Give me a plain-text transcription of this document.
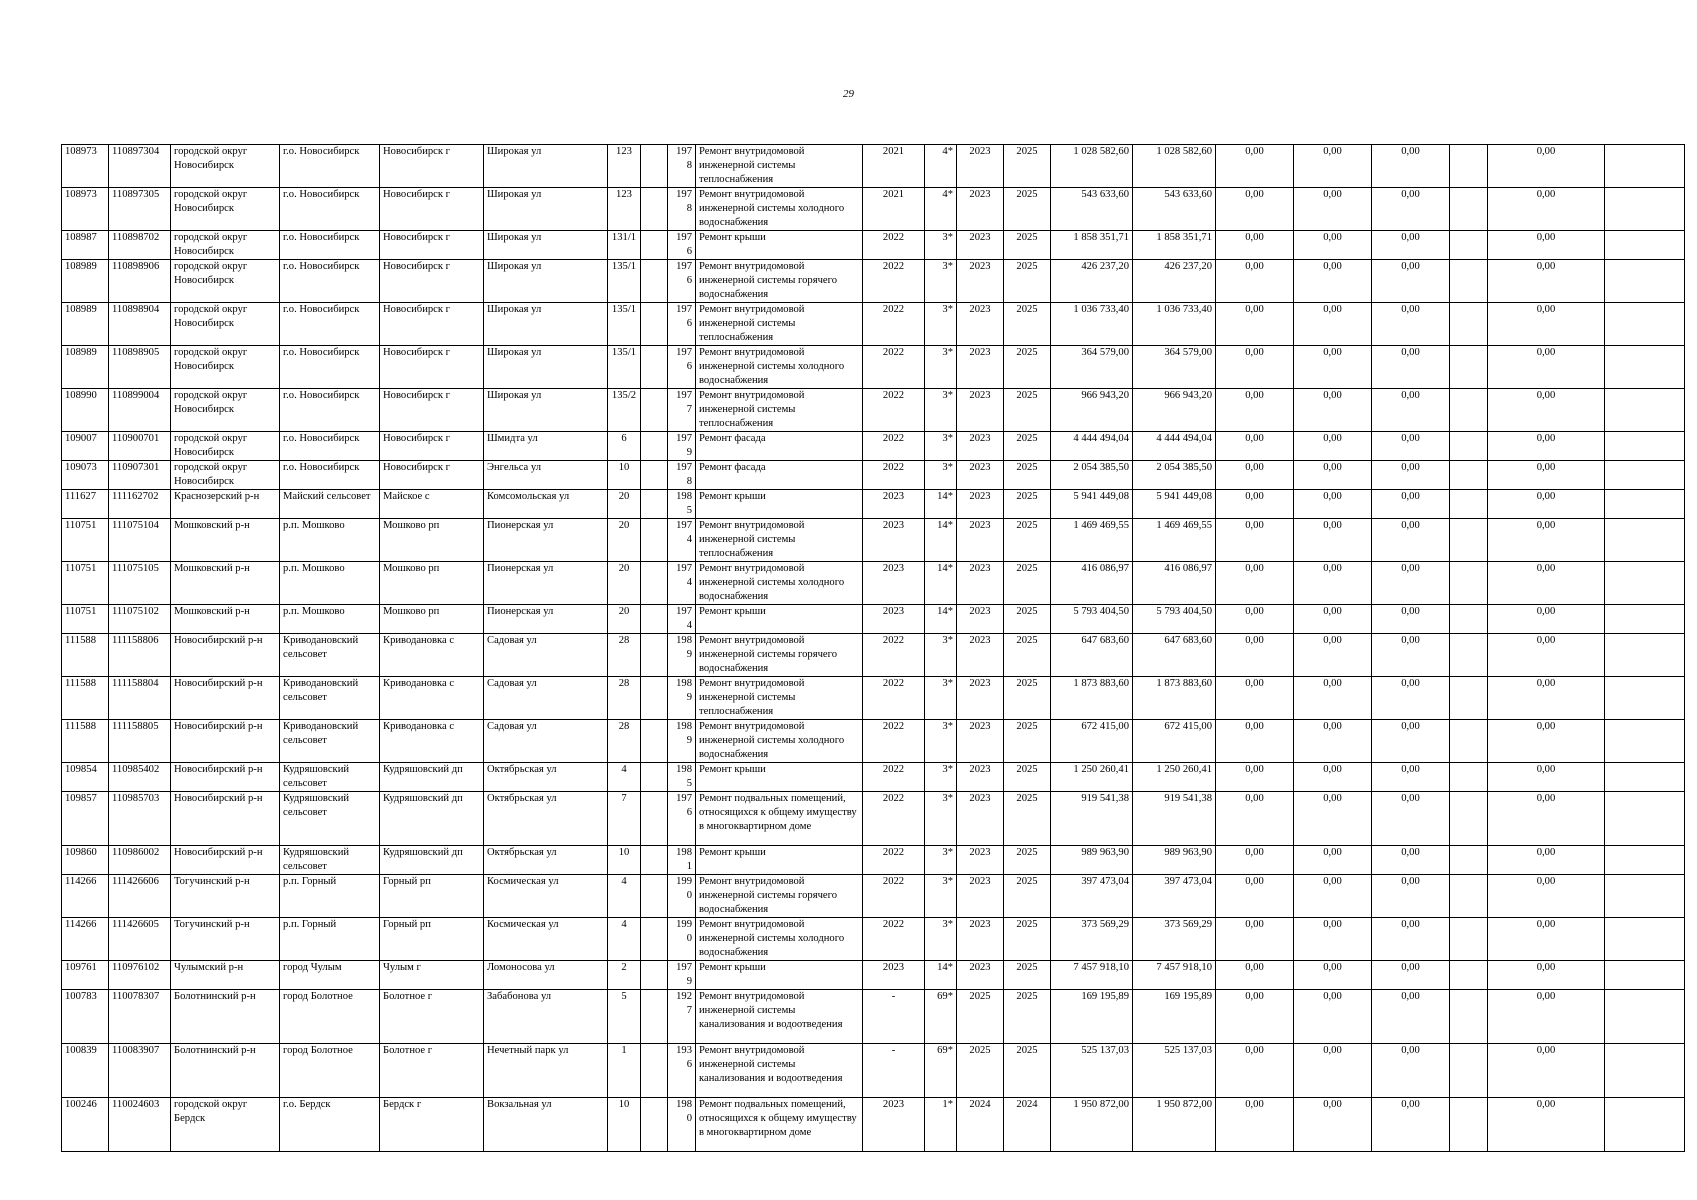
29
108973	110897304	городской округ Новосибирск	г.о. Новосибирск	Новосибирск г	Широкая ул	123		1978	Ремонт внутридомовой инженерной системы теплоснабжения	2021	4*	2023	2025	1 028 582,60	1 028 582,60	0,00	0,00	0,00		0,00	
108973	110897305	городской округ Новосибирск	г.о. Новосибирск	Новосибирск г	Широкая ул	123		1978	Ремонт внутридомовой инженерной системы холодного водоснабжения	2021	4*	2023	2025	543 633,60	543 633,60	0,00	0,00	0,00		0,00	
108987	110898702	городской округ Новосибирск	г.о. Новосибирск	Новосибирск г	Широкая ул	131/1		1976	Ремонт крыши	2022	3*	2023	2025	1 858 351,71	1 858 351,71	0,00	0,00	0,00		0,00	
108989	110898906	городской округ Новосибирск	г.о. Новосибирск	Новосибирск г	Широкая ул	135/1		1976	Ремонт внутридомовой инженерной системы горячего водоснабжения	2022	3*	2023	2025	426 237,20	426 237,20	0,00	0,00	0,00		0,00	
108989	110898904	городской округ Новосибирск	г.о. Новосибирск	Новосибирск г	Широкая ул	135/1		1976	Ремонт внутридомовой инженерной системы теплоснабжения	2022	3*	2023	2025	1 036 733,40	1 036 733,40	0,00	0,00	0,00		0,00	
108989	110898905	городской округ Новосибирск	г.о. Новосибирск	Новосибирск г	Широкая ул	135/1		1976	Ремонт внутридомовой инженерной системы холодного водоснабжения	2022	3*	2023	2025	364 579,00	364 579,00	0,00	0,00	0,00		0,00	
108990	110899004	городской округ Новосибирск	г.о. Новосибирск	Новосибирск г	Широкая ул	135/2		1977	Ремонт внутридомовой инженерной системы теплоснабжения	2022	3*	2023	2025	966 943,20	966 943,20	0,00	0,00	0,00		0,00	
109007	110900701	городской округ Новосибирск	г.о. Новосибирск	Новосибирск г	Шмидта ул	6		1979	Ремонт фасада	2022	3*	2023	2025	4 444 494,04	4 444 494,04	0,00	0,00	0,00		0,00	
109073	110907301	городской округ Новосибирск	г.о. Новосибирск	Новосибирск г	Энгельса ул	10		1978	Ремонт фасада	2022	3*	2023	2025	2 054 385,50	2 054 385,50	0,00	0,00	0,00		0,00	
111627	111162702	Краснозерский р-н	Майский сельсовет	Майское с	Комсомольская ул	20		1985	Ремонт крыши	2023	14*	2023	2025	5 941 449,08	5 941 449,08	0,00	0,00	0,00		0,00	
110751	111075104	Мошковский р-н	р.п. Мошково	Мошково рп	Пионерская ул	20		1974	Ремонт внутридомовой инженерной системы теплоснабжения	2023	14*	2023	2025	1 469 469,55	1 469 469,55	0,00	0,00	0,00		0,00	
110751	111075105	Мошковский р-н	р.п. Мошково	Мошково рп	Пионерская ул	20		1974	Ремонт внутридомовой инженерной системы холодного водоснабжения	2023	14*	2023	2025	416 086,97	416 086,97	0,00	0,00	0,00		0,00	
110751	111075102	Мошковский р-н	р.п. Мошково	Мошково рп	Пионерская ул	20		1974	Ремонт крыши	2023	14*	2023	2025	5 793 404,50	5 793 404,50	0,00	0,00	0,00		0,00	
111588	111158806	Новосибирский р-н	Криводановский сельсовет	Криводановка с	Садовая ул	28		1989	Ремонт внутридомовой инженерной системы горячего водоснабжения	2022	3*	2023	2025	647 683,60	647 683,60	0,00	0,00	0,00		0,00	
111588	111158804	Новосибирский р-н	Криводановский сельсовет	Криводановка с	Садовая ул	28		1989	Ремонт внутридомовой инженерной системы теплоснабжения	2022	3*	2023	2025	1 873 883,60	1 873 883,60	0,00	0,00	0,00		0,00	
111588	111158805	Новосибирский р-н	Криводановский сельсовет	Криводановка с	Садовая ул	28		1989	Ремонт внутридомовой инженерной системы холодного водоснабжения	2022	3*	2023	2025	672 415,00	672 415,00	0,00	0,00	0,00		0,00	
109854	110985402	Новосибирский р-н	Кудряшовский сельсовет	Кудряшовский дп	Октябрьская ул	4		1985	Ремонт крыши	2022	3*	2023	2025	1 250 260,41	1 250 260,41	0,00	0,00	0,00		0,00	
109857	110985703	Новосибирский р-н	Кудряшовский сельсовет	Кудряшовский дп	Октябрьская ул	7		1976	Ремонт подвальных помещений, относящихся к общему имуществу в многоквартирном доме	2022	3*	2023	2025	919 541,38	919 541,38	0,00	0,00	0,00		0,00	
109860	110986002	Новосибирский р-н	Кудряшовский сельсовет	Кудряшовский дп	Октябрьская ул	10		1981	Ремонт крыши	2022	3*	2023	2025	989 963,90	989 963,90	0,00	0,00	0,00		0,00	
114266	111426606	Тогучинский р-н	р.п. Горный	Горный рп	Космическая ул	4		1990	Ремонт внутридомовой инженерной системы горячего водоснабжения	2022	3*	2023	2025	397 473,04	397 473,04	0,00	0,00	0,00		0,00	
114266	111426605	Тогучинский р-н	р.п. Горный	Горный рп	Космическая ул	4		1990	Ремонт внутридомовой инженерной системы холодного водоснабжения	2022	3*	2023	2025	373 569,29	373 569,29	0,00	0,00	0,00		0,00	
109761	110976102	Чулымский р-н	город Чулым	Чулым г	Ломоносова ул	2		1979	Ремонт крыши	2023	14*	2023	2025	7 457 918,10	7 457 918,10	0,00	0,00	0,00		0,00	
100783	110078307	Болотнинский р-н	город Болотное	Болотное г	Забабонова ул	5		1927	Ремонт внутридомовой инженерной системы канализования и водоотведения	-	69*	2025	2025	169 195,89	169 195,89	0,00	0,00	0,00		0,00	
100839	110083907	Болотнинский р-н	город Болотное	Болотное г	Нечетный парк ул	1		1936	Ремонт внутридомовой инженерной системы канализования и водоотведения	-	69*	2025	2025	525 137,03	525 137,03	0,00	0,00	0,00		0,00	
100246	110024603	городской округ Бердск	г.о. Бердск	Бердск г	Вокзальная ул	10		1980	Ремонт подвальных помещений, относящихся к общему имуществу в многоквартирном доме	2023	1*	2024	2024	1 950 872,00	1 950 872,00	0,00	0,00	0,00		0,00	
